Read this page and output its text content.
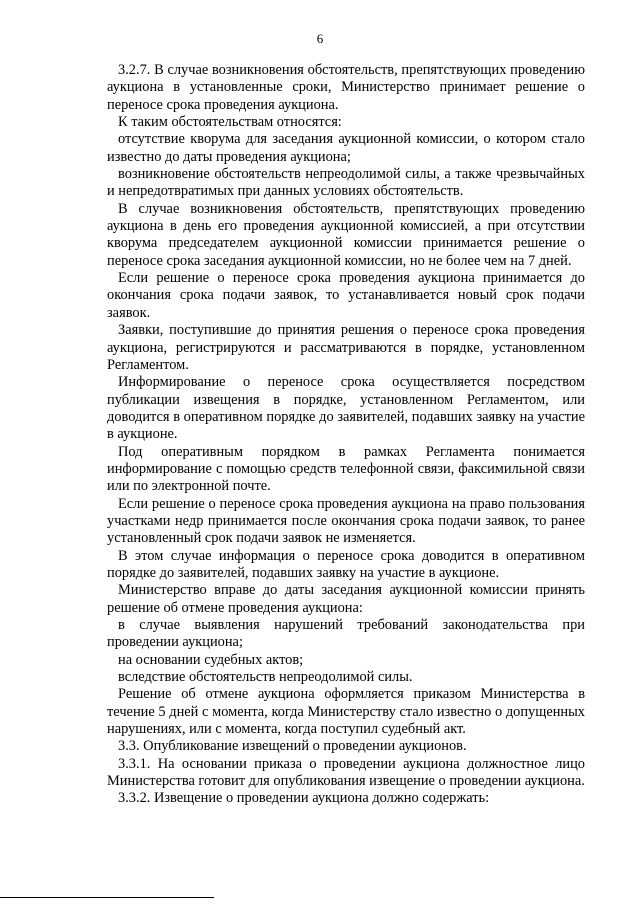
6

3.2.7. В случае возникновения обстоятельств, препятствующих проведению аукциона в установленные сроки, Министерство принимает решение о переносе срока проведения аукциона.

К таким обстоятельствам относятся:

отсутствие кворума для заседания аукционной комиссии, о котором стало известно до даты проведения аукциона;

возникновение обстоятельств непреодолимой силы, а также чрезвычайных и непредотвратимых при данных условиях обстоятельств.

В случае возникновения обстоятельств, препятствующих проведению аукциона в день его проведения аукционной комиссией, а при отсутствии кворума председателем аукционной комиссии принимается решение о переносе срока заседания аукционной комиссии, но не более чем на 7 дней.

Если решение о переносе срока проведения аукциона принимается до окончания срока подачи заявок, то устанавливается новый срок подачи заявок.

Заявки, поступившие до принятия решения о переносе срока проведения аукциона, регистрируются и рассматриваются в порядке, установленном Регламентом.

Информирование о переносе срока осуществляется посредством публикации извещения в порядке, установленном Регламентом, или доводится в оперативном порядке до заявителей, подавших заявку на участие в аукционе.

Под оперативным порядком в рамках Регламента понимается информирование с помощью средств телефонной связи, факсимильной связи или по электронной почте.

Если решение о переносе срока проведения аукциона на право пользования участками недр принимается после окончания срока подачи заявок, то ранее установленный срок подачи заявок не изменяется.

В этом случае информация о переносе срока доводится в оперативном порядке до заявителей, подавших заявку на участие в аукционе.

Министерство вправе до даты заседания аукционной комиссии принять решение об отмене проведения аукциона:

в случае выявления нарушений требований законодательства при проведении аукциона;

на основании судебных актов;

вследствие обстоятельств непреодолимой силы.

Решение об отмене аукциона оформляется приказом Министерства в течение 5 дней с момента, когда Министерству стало известно о допущенных нарушениях, или с момента, когда поступил судебный акт.

3.3. Опубликование извещений о проведении аукционов.

3.3.1. На основании приказа о проведении аукциона должностное лицо Министерства готовит для опубликования извещение о проведении аукциона.

3.3.2. Извещение о проведении аукциона должно содержать:
